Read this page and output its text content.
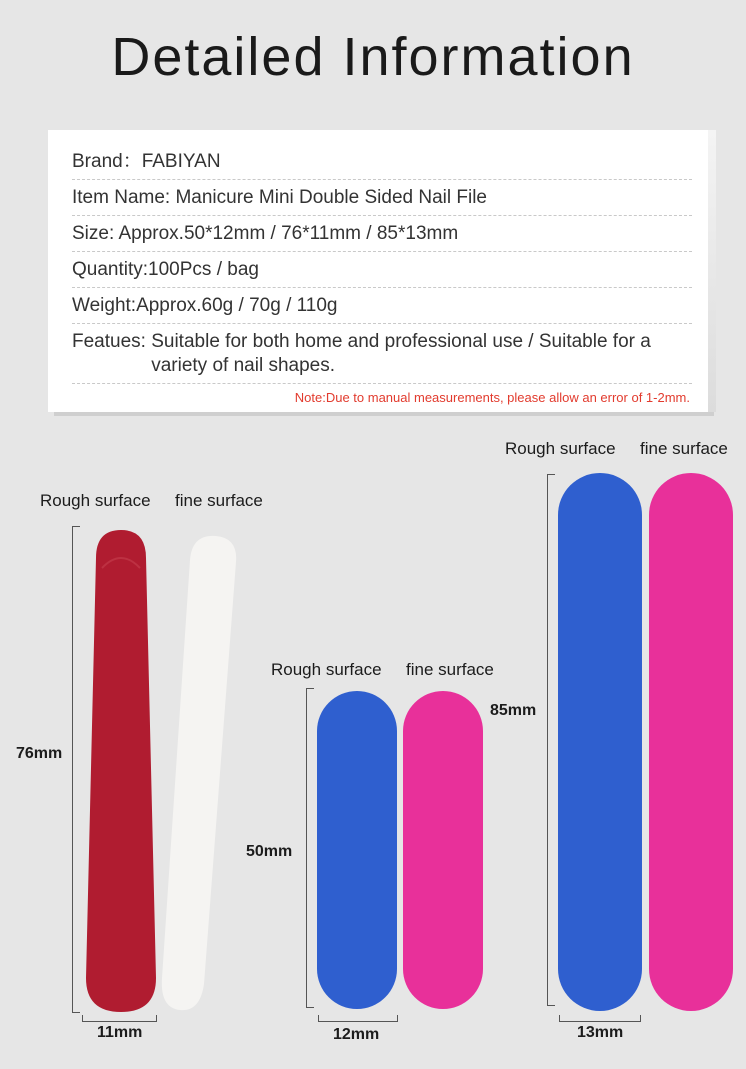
Detailed Information
Brand：FABIYAN
Item Name: Manicure Mini Double Sided Nail File
Size: Approx.50*12mm / 76*11mm / 85*13mm
Quantity:100Pcs / bag
Weight:Approx.60g / 70g / 110g
Featues: Suitable for both home and professional use / Suitable for a variety of nail shapes.
Note:Due to manual measurements, please allow an error of 1-2mm.
Rough surface fine surface
76mm
11mm
Rough surface fine surface
50mm
12mm
Rough surface fine surface
85mm
13mm
